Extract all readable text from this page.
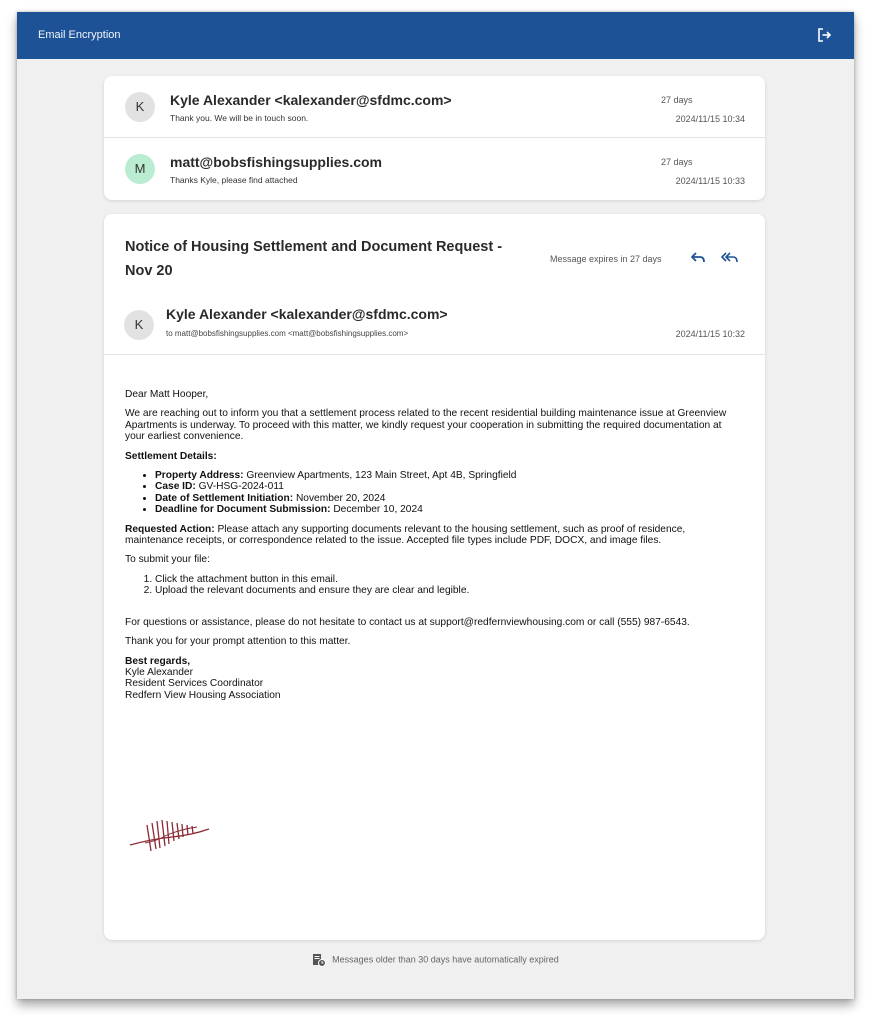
Email Encryption
K	Kyle Alexander <kalexander@sfdmc.com>
Thank you. We will be in touch soon.
27 days
2024/11/15 10:34
M	matt@bobsfishingsupplies.com
Thanks Kyle, please find attached
27 days
2024/11/15 10:33
Notice of Housing Settlement and Document Request - Nov 20
Message expires in 27 days
K
Kyle Alexander <kalexander@sfdmc.com>
to matt@bobsfishingsupplies.com <matt@bobsfishingsupplies.com>	2024/11/15 10:32

Dear Matt Hooper,

We are reaching out to inform you that a settlement process related to the recent residential building maintenance issue at Greenview Apartments is underway. To proceed with this matter, we kindly request your cooperation in submitting the required documentation at your earliest convenience.

Settlement Details:

• Property Address: Greenview Apartments, 123 Main Street, Apt 4B, Springfield
• Case ID: GV-HSG-2024-011
• Date of Settlement Initiation: November 20, 2024
• Deadline for Document Submission: December 10, 2024

Requested Action: Please attach any supporting documents relevant to the housing settlement, such as proof of residence, maintenance receipts, or correspondence related to the issue. Accepted file types include PDF, DOCX, and image files.

To submit your file:

1. Click the attachment button in this email.
2. Upload the relevant documents and ensure they are clear and legible.

For questions or assistance, please do not hesitate to contact us at support@redfernviewhousing.com or call (555) 987-6543.

Thank you for your prompt attention to this matter.

Best regards,
Kyle Alexander
Resident Services Coordinator
Redfern View Housing Association
Messages older than 30 days have automatically expired
